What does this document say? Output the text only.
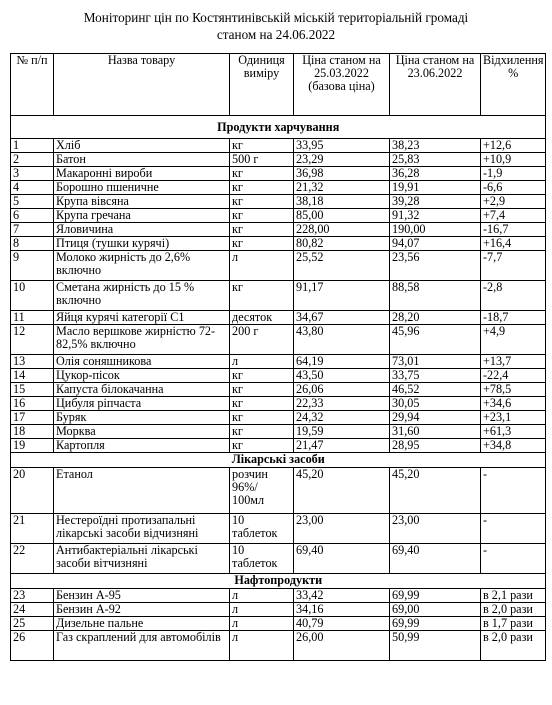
Моніторинг цін по Костянтинівській міській територіальній громаді
станом на 24.06.2022
№ п/п	Назва товару	Одиниця виміру	Ціна станом на 25.03.2022 (базова ціна)	Ціна станом на 23.06.2022	Відхилення %
Продукти харчування					
1	Хліб	кг	33,95	38,23	+12,6
2	Батон	500 г	23,29	25,83	+10,9
3	Макаронні вироби	кг	36,98	36,28	-1,9
4	Борошно пшеничне	кг	21,32	19,91	-6,6
5	Крупа вівсяна	кг	38,18	39,28	+2,9
6	Крупа гречана	кг	85,00	91,32	+7,4
7	Яловичина	кг	228,00	190,00	-16,7
8	Птиця (тушки курячі)	кг	80,82	94,07	+16,4
9	Молоко жирність до 2,6% включно	л	25,52	23,56	-7,7
10	Сметана жирність до 15 % включно	кг	91,17	88,58	-2,8
11	Яйця курячі категорії С1	десяток	34,67	28,20	-18,7
12	Масло вершкове жирністю 72-82,5% включно	200 г	43,80	45,96	+4,9
13	Олія соняшникова	л	64,19	73,01	+13,7
14	Цукор-пісок	кг	43,50	33,75	-22,4
15	Капуста білокачанна	кг	26,06	46,52	+78,5
16	Цибуля ріпчаста	кг	22,33	30,05	+34,6
17	Буряк	кг	24,32	29,94	+23,1
18	Морква	кг	19,59	31,60	+61,3
19	Картопля	кг	21,47	28,95	+34,8
Лікарські засоби					
20	Етанол	розчин 96%/ 100мл	45,20	45,20	-
21	Нестероїдні протизапальні лікарські засоби відчизняні	10 таблеток	23,00	23,00	-
22	Антибактеріальні лікарські засоби вітчизняні	10 таблеток	69,40	69,40	-
Нафтопродукти					
23	Бензин А-95	л	33,42	69,99	в 2,1 рази
24	Бензин А-92	л	34,16	69,00	в 2,0 рази
25	Дизельне пальне	л	40,79	69,99	в 1,7 рази
26	Газ скраплений для автомобілів	л	26,00	50,99	в 2,0 рази
